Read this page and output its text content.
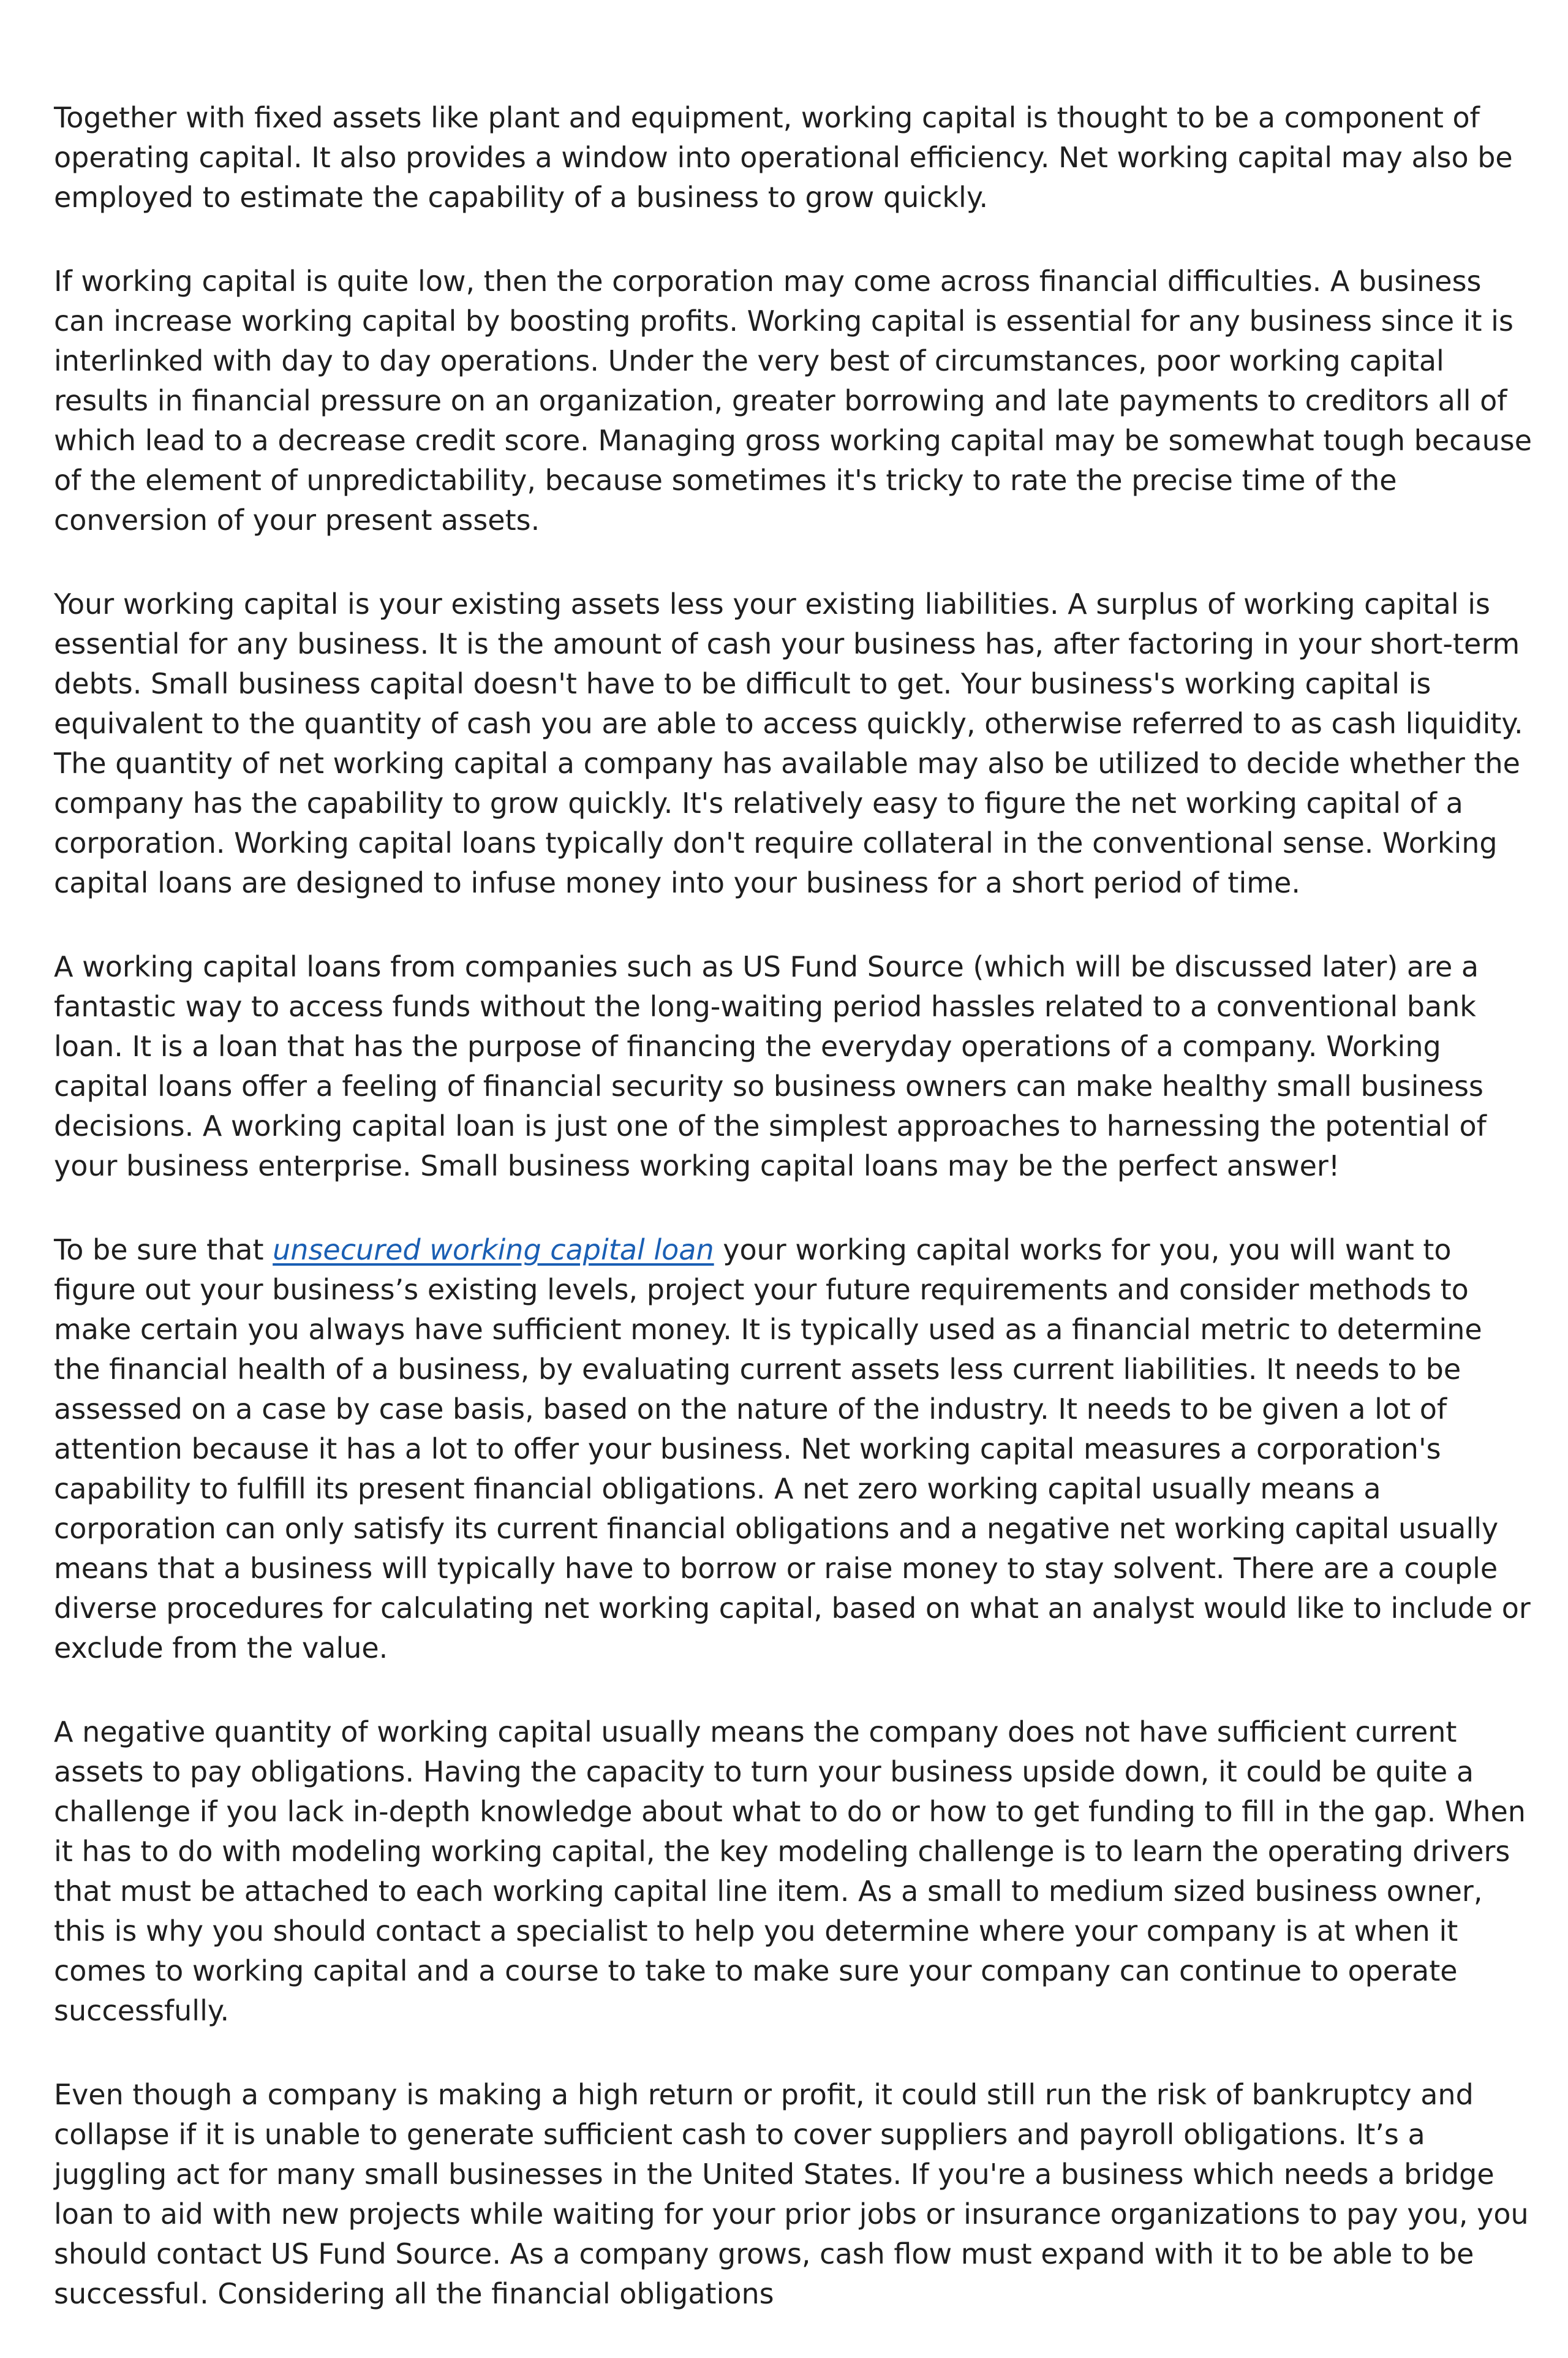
Together with fixed assets like plant and equipment, working capital is thought to be a component of operating capital. It also provides a window into operational efficiency. Net working capital may also be employed to estimate the capability of a business to grow quickly.

If working capital is quite low, then the corporation may come across financial difficulties. A business can increase working capital by boosting profits. Working capital is essential for any business since it is interlinked with day to day operations. Under the very best of circumstances, poor working capital results in financial pressure on an organization, greater borrowing and late payments to creditors all of which lead to a decrease credit score. Managing gross working capital may be somewhat tough because of the element of unpredictability, because sometimes it's tricky to rate the precise time of the conversion of your present assets.

Your working capital is your existing assets less your existing liabilities. A surplus of working capital is essential for any business. It is the amount of cash your business has, after factoring in your short-term debts. Small business capital doesn't have to be difficult to get. Your business's working capital is equivalent to the quantity of cash you are able to access quickly, otherwise referred to as cash liquidity. The quantity of net working capital a company has available may also be utilized to decide whether the company has the capability to grow quickly. It's relatively easy to figure the net working capital of a corporation. Working capital loans typically don't require collateral in the conventional sense. Working capital loans are designed to infuse money into your business for a short period of time.

A working capital loans from companies such as US Fund Source (which will be discussed later) are a fantastic way to access funds without the long-waiting period hassles related to a conventional bank loan. It is a loan that has the purpose of financing the everyday operations of a company. Working capital loans offer a feeling of financial security so business owners can make healthy small business decisions. A working capital loan is just one of the simplest approaches to harnessing the potential of your business enterprise. Small business working capital loans may be the perfect answer!

To be sure that unsecured working capital loan your working capital works for you, you will want to figure out your business’s existing levels, project your future requirements and consider methods to make certain you always have sufficient money. It is typically used as a financial metric to determine the financial health of a business, by evaluating current assets less current liabilities. It needs to be assessed on a case by case basis, based on the nature of the industry. It needs to be given a lot of attention because it has a lot to offer your business. Net working capital measures a corporation's capability to fulfill its present financial obligations. A net zero working capital usually means a corporation can only satisfy its current financial obligations and a negative net working capital usually means that a business will typically have to borrow or raise money to stay solvent. There are a couple diverse procedures for calculating net working capital, based on what an analyst would like to include or exclude from the value.

A negative quantity of working capital usually means the company does not have sufficient current assets to pay obligations. Having the capacity to turn your business upside down, it could be quite a challenge if you lack in-depth knowledge about what to do or how to get funding to fill in the gap. When it has to do with modeling working capital, the key modeling challenge is to learn the operating drivers that must be attached to each working capital line item. As a small to medium sized business owner, this is why you should contact a specialist to help you determine where your company is at when it comes to working capital and a course to take to make sure your company can continue to operate successfully.

Even though a company is making a high return or profit, it could still run the risk of bankruptcy and collapse if it is unable to generate sufficient cash to cover suppliers and payroll obligations. It’s a juggling act for many small businesses in the United States. If you're a business which needs a bridge loan to aid with new projects while waiting for your prior jobs or insurance organizations to pay you, you should contact US Fund Source. As a company grows, cash flow must expand with it to be able to be successful. Considering all the financial obligations
